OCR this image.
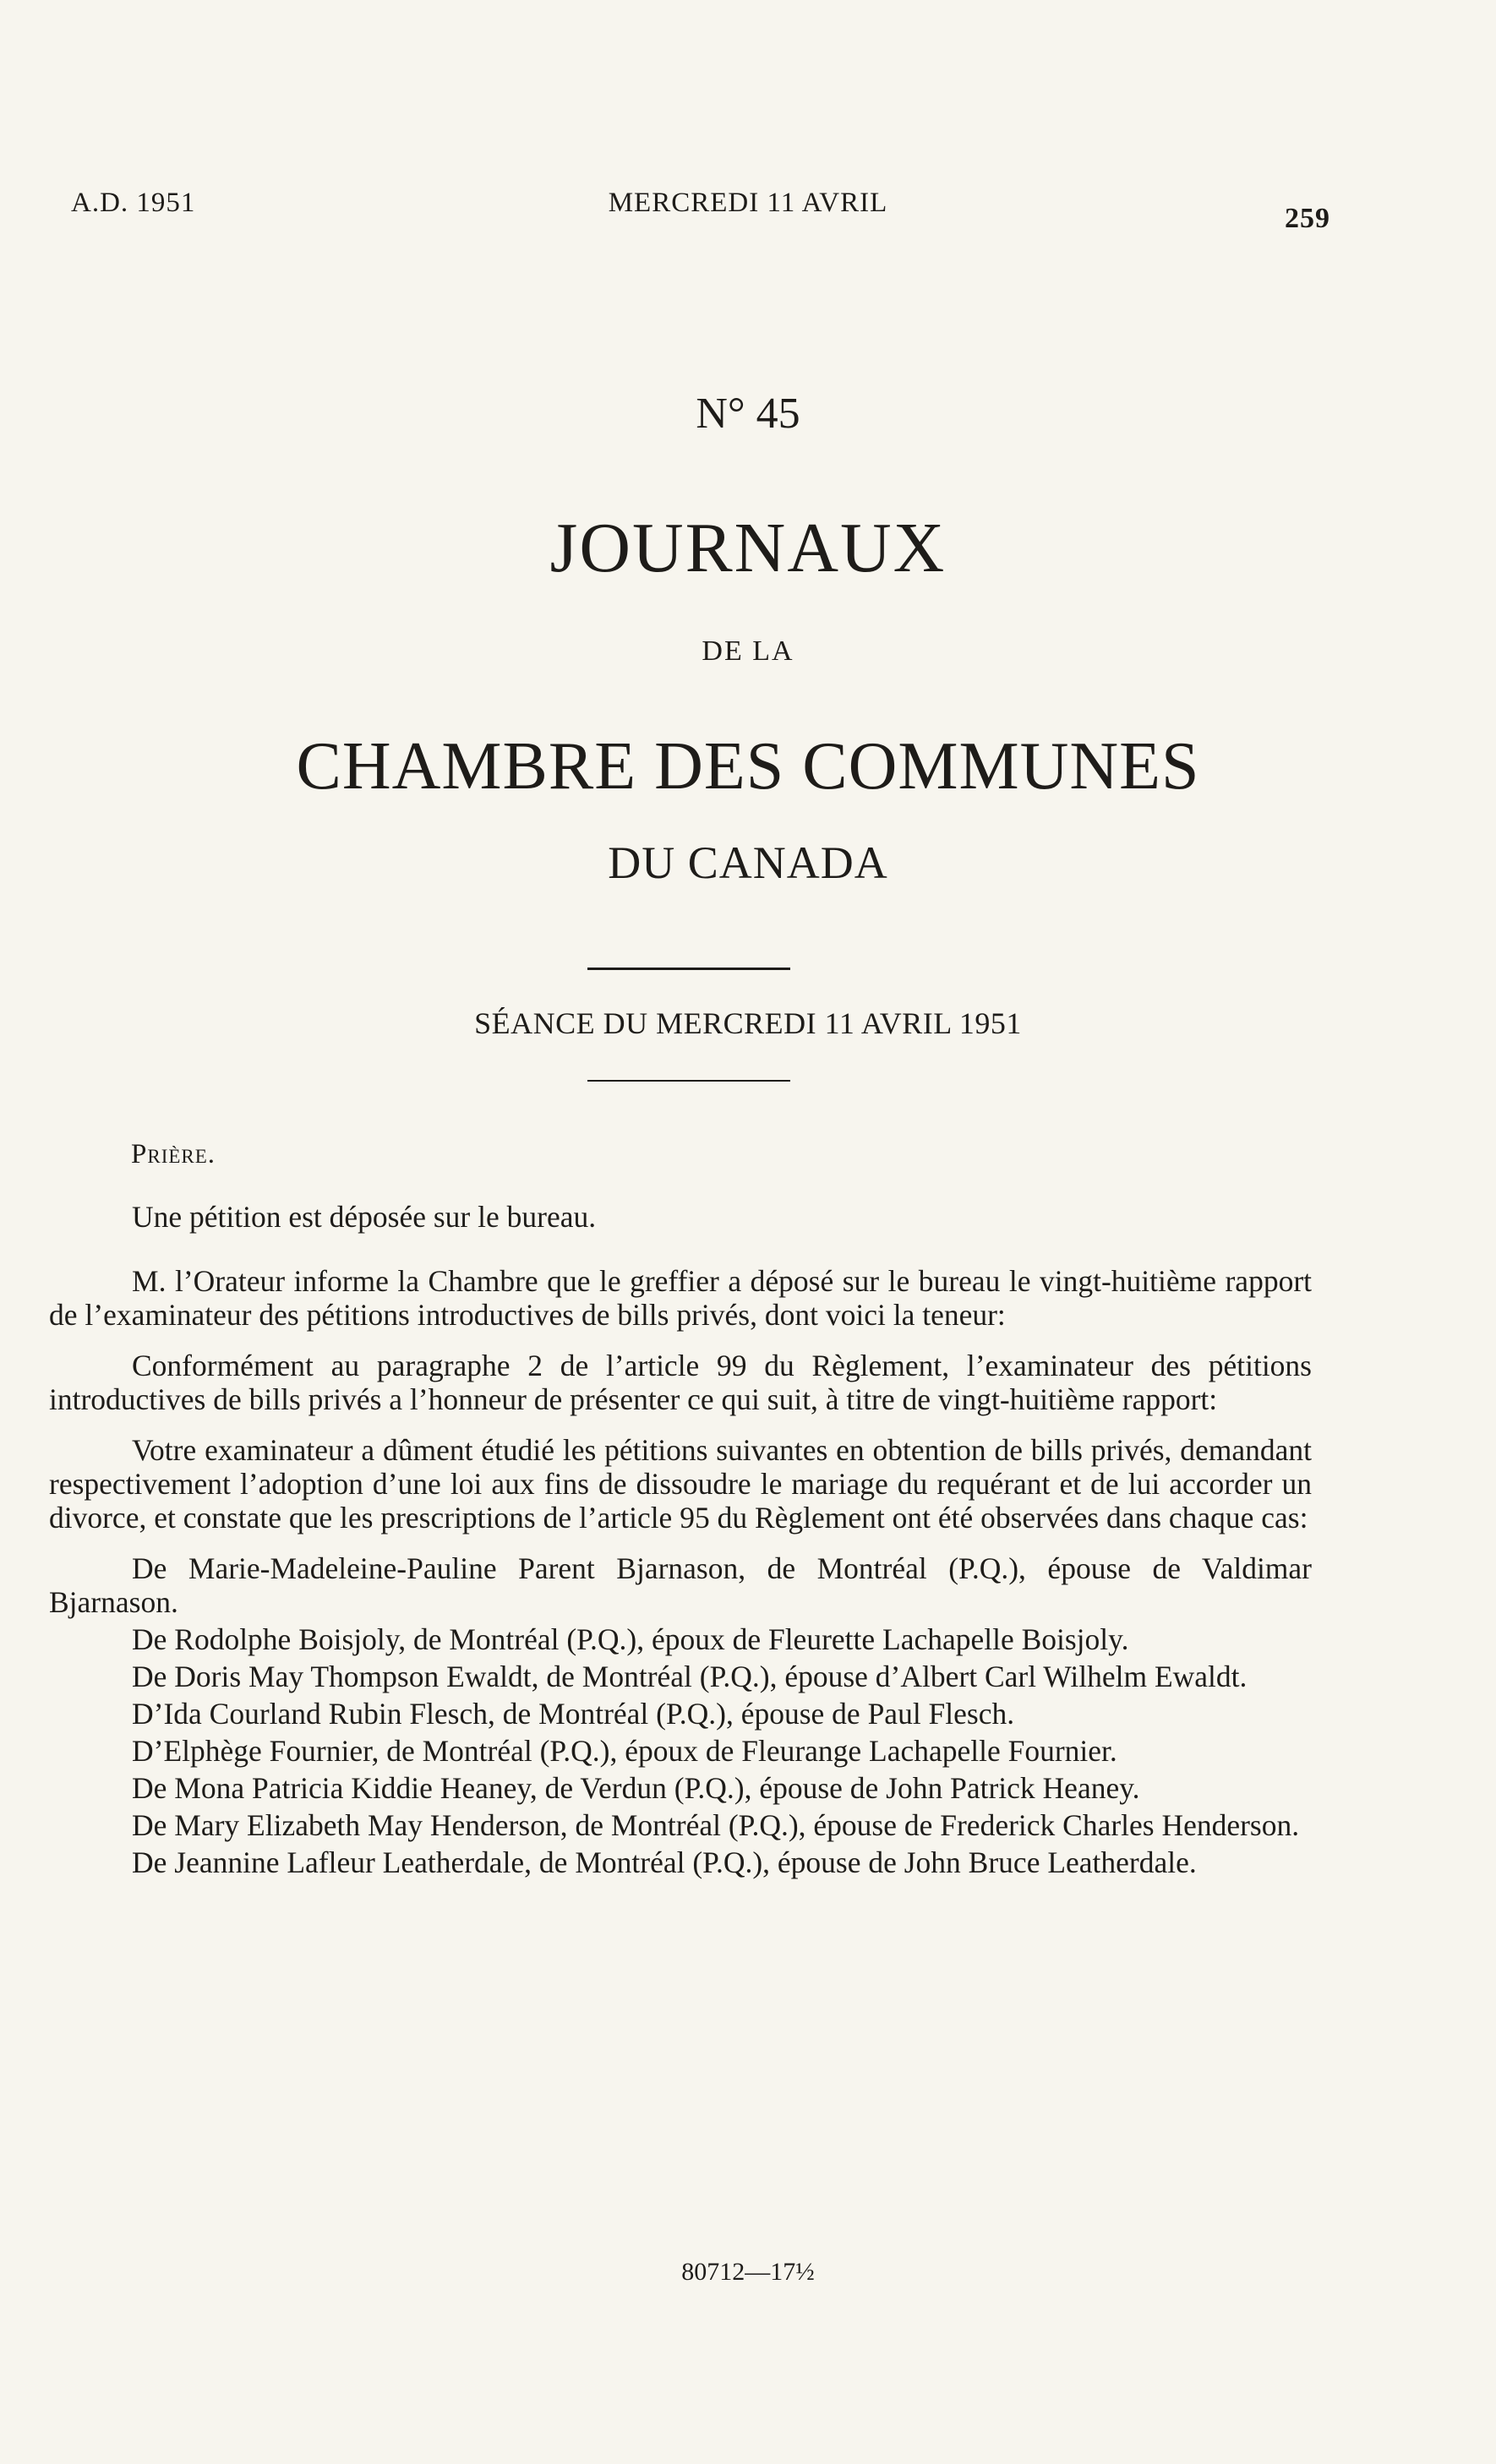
A.D. 1951	MERCREDI 11 AVRIL	259
N° 45
JOURNAUX
DE LA
CHAMBRE DES COMMUNES
DU CANADA
SÉANCE DU MERCREDI 11 AVRIL 1951
Prière.

Une pétition est déposée sur le bureau.

M. l’Orateur informe la Chambre que le greffier a déposé sur le bureau le vingt-huitième rapport de l’examinateur des pétitions introductives de bills privés, dont voici la teneur:

Conformément au paragraphe 2 de l’article 99 du Règlement, l’examinateur des pétitions introductives de bills privés a l’honneur de présenter ce qui suit, à titre de vingt-huitième rapport:

Votre examinateur a dûment étudié les pétitions suivantes en obtention de bills privés, demandant respectivement l’adoption d’une loi aux fins de dissoudre le mariage du requérant et de lui accorder un divorce, et constate que les prescriptions de l’article 95 du Règlement ont été observées dans chaque cas:

De Marie-Madeleine-Pauline Parent Bjarnason, de Montréal (P.Q.), épouse de Valdimar Bjarnason.

De Rodolphe Boisjoly, de Montréal (P.Q.), époux de Fleurette Lachapelle Boisjoly.

De Doris May Thompson Ewaldt, de Montréal (P.Q.), épouse d’Albert Carl Wilhelm Ewaldt.

D’Ida Courland Rubin Flesch, de Montréal (P.Q.), épouse de Paul Flesch.

D’Elphège Fournier, de Montréal (P.Q.), époux de Fleurange Lachapelle Fournier.

De Mona Patricia Kiddie Heaney, de Verdun (P.Q.), épouse de John Patrick Heaney.

De Mary Elizabeth May Henderson, de Montréal (P.Q.), épouse de Frederick Charles Henderson.

De Jeannine Lafleur Leatherdale, de Montréal (P.Q.), épouse de John Bruce Leatherdale.

80712—17½
